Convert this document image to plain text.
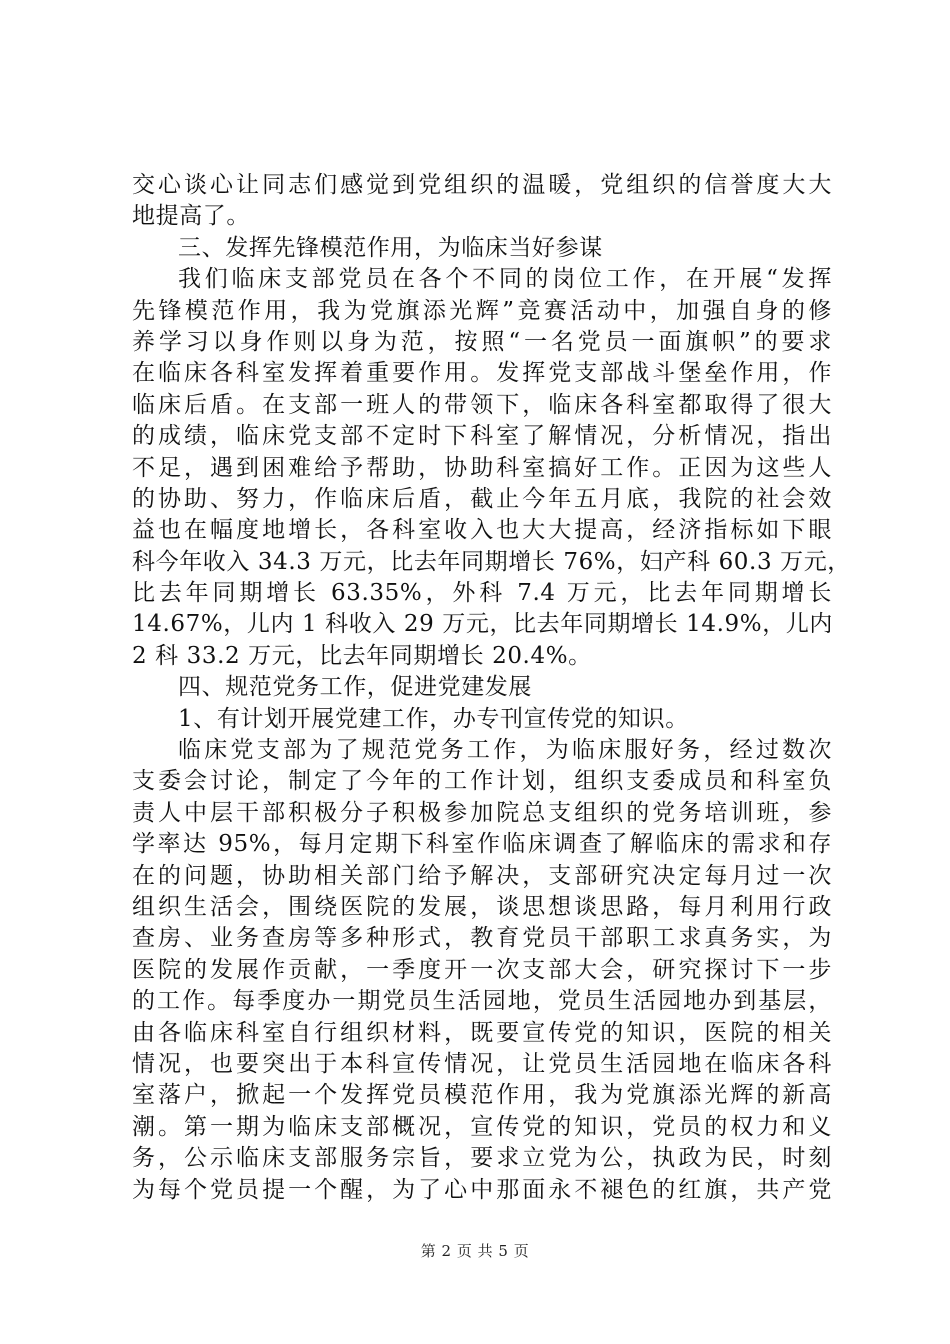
交心谈心让同志们感觉到党组织的温暖，党组织的信誉度大大
地提高了。
三、发挥先锋模范作用，为临床当好参谋
我们临床支部党员在各个不同的岗位工作，在开展“发挥
先锋模范作用，我为党旗添光辉”竞赛活动中，加强自身的修
养学习以身作则以身为范，按照“一名党员一面旗帜”的要求
在临床各科室发挥着重要作用。发挥党支部战斗堡垒作用，作
临床后盾。在支部一班人的带领下，临床各科室都取得了很大
的成绩，临床党支部不定时下科室了解情况，分析情况，指出
不足，遇到困难给予帮助，协助科室搞好工作。正因为这些人
的协助、努力，作临床后盾，截止今年五月底，我院的社会效
益也在幅度地增长，各科室收入也大大提高，经济指标如下眼
科今年收入 34.3 万元，比去年同期增长 76%，妇产科 60.3 万元，
比去年同期增长 63.35%，外科 7.4 万元，比去年同期增长
14.67%，儿内 1 科收入 29 万元，比去年同期增长 14.9%，儿内
2 科 33.2 万元，比去年同期增长 20.4%。
四、规范党务工作，促进党建发展
1、有计划开展党建工作，办专刊宣传党的知识。
临床党支部为了规范党务工作，为临床服好务，经过数次
支委会讨论，制定了今年的工作计划，组织支委成员和科室负
责人中层干部积极分子积极参加院总支组织的党务培训班，参
学率达 95%，每月定期下科室作临床调查了解临床的需求和存
在的问题，协助相关部门给予解决，支部研究决定每月过一次
组织生活会，围绕医院的发展，谈思想谈思路，每月利用行政
查房、业务查房等多种形式，教育党员干部职工求真务实，为
医院的发展作贡献，一季度开一次支部大会，研究探讨下一步
的工作。每季度办一期党员生活园地，党员生活园地办到基层，
由各临床科室自行组织材料，既要宣传党的知识，医院的相关
情况，也要突出于本科宣传情况，让党员生活园地在临床各科
室落户，掀起一个发挥党员模范作用，我为党旗添光辉的新高
潮。第一期为临床支部概况，宣传党的知识，党员的权力和义
务，公示临床支部服务宗旨，要求立党为公，执政为民，时刻
为每个党员提一个醒，为了心中那面永不褪色的红旗，共产党
第 2 页 共 5 页
